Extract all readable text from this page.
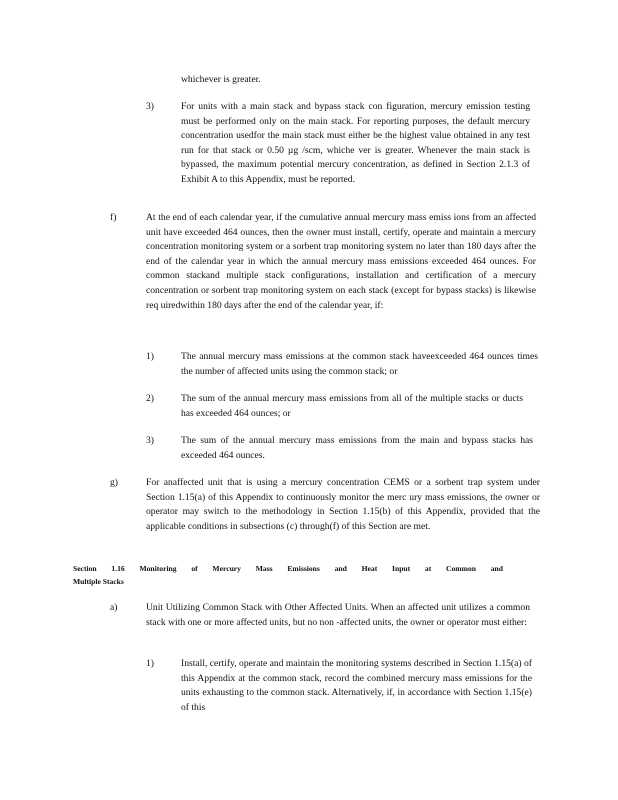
whichever is greater.
3)	For units with a main stack and bypass stack con figuration, mercury emission testing must be performed only on the main stack. For reporting purposes, the default mercury concentration usedfor the main stack must either be the highest value obtained in any test run for that stack or 0.50 µg /scm, whiche ver is greater. Whenever the main stack is bypassed, the maximum potential mercury concentration, as defined in Section 2.1.3 of Exhibit A to this Appendix, must be reported.
f)	At the end of each calendar year, if the cumulative annual mercury mass emiss ions from an affected unit have exceeded 464 ounces, then the owner must install, certify, operate and maintain a mercury concentration monitoring system or a sorbent trap monitoring system no later than 180 days after the end of the calendar year in which the annual mercury mass emissions exceeded 464 ounces. For common stackand multiple stack configurations, installation and certification of a mercury concentration or sorbent trap monitoring system on each stack (except for bypass stacks) is likewise req uiredwithin 180 days after the end of the calendar year, if:
1)	The annual mercury mass emissions at the common stack haveexceeded 464 ounces times the number of affected units using the common stack; or
2)	The sum of the annual mercury mass emissions from all of the multiple stacks or ducts has exceeded 464 ounces; or
3)	The sum of the annual mercury mass emissions from the main and bypass stacks has exceeded 464 ounces.
g)	For anaffected unit that is using a mercury concentration CEMS or a sorbent trap system under Section 1.15(a) of this Appendix to continuously monitor the merc ury mass emissions, the owner or operator may switch to the methodology in Section 1.15(b) of this Appendix, provided that the applicable conditions in subsections (c) through(f) of this Section are met.
Section 1.16 Monitoring of Mercury Mass Emissions and Heat Input at Common and
Multiple Stacks
a)	Unit Utilizing Common Stack with Other Affected Units. When an affected unit utilizes a common stack with one or more affected units, but no non -affected units, the owner or operator must either:
1)	Install, certify, operate and maintain the monitoring systems described in Section 1.15(a) of this Appendix at the common stack, record the combined mercury mass emissions for the units exhausting to the common stack. Alternatively, if, in accordance with Section 1.15(e) of this
